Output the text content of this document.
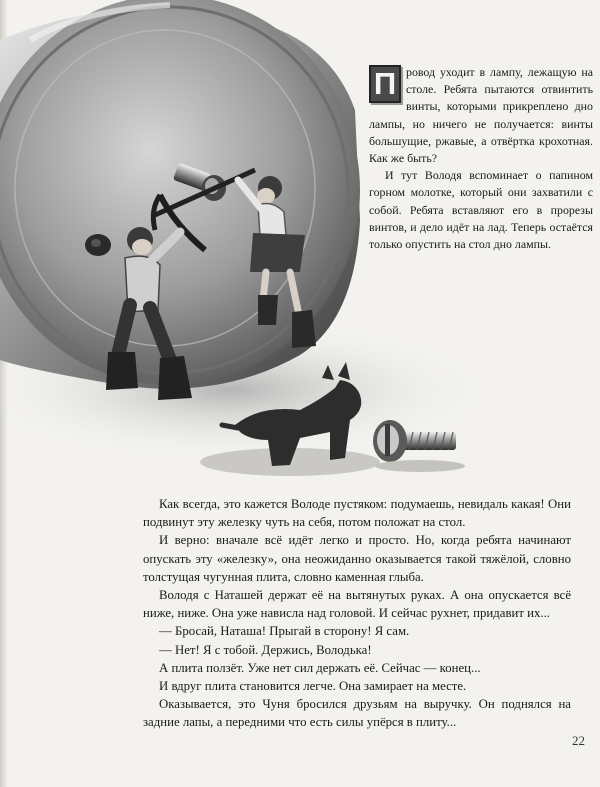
П ровод уходит в лампу, лежащую на столе. Ребята пытаются отвинтить винты, которыми прикреплено дно лампы, но ничего не получается: винты большущие, ржавые, а отвёртка крохотная. Как же быть?

И тут Володя вспоминает о папином горном молотке, который они захватили с собой. Ребята вставляют его в прорезы винтов, и дело идёт на лад. Теперь остаётся только опустить на стол дно лампы.

Как всегда, это кажется Володе пустяком: подумаешь, невидаль какая! Они подвинут эту железку чуть на себя, потом положат на стол.

И верно: вначале всё идёт легко и просто. Но, когда ребята начинают опускать эту «железку», она неожиданно оказывается такой тяжёлой, словно толстущая чугунная плита, словно каменная глыба.

Володя с Наташей держат её на вытянутых руках. А она опускается всё ниже, ниже. Она уже нависла над головой. И сейчас рухнет, придавит их...

— Бросай, Наташа! Прыгай в сторону! Я сам.

— Нет! Я с тобой. Держись, Володька!

А плита ползёт. Уже нет сил держать её. Сейчас — конец...

И вдруг плита становится легче. Она замирает на месте.

Оказывается, это Чуня бросился друзьям на выручку. Он поднялся на задние лапы, а передними что есть силы упёрся в плиту...

22
